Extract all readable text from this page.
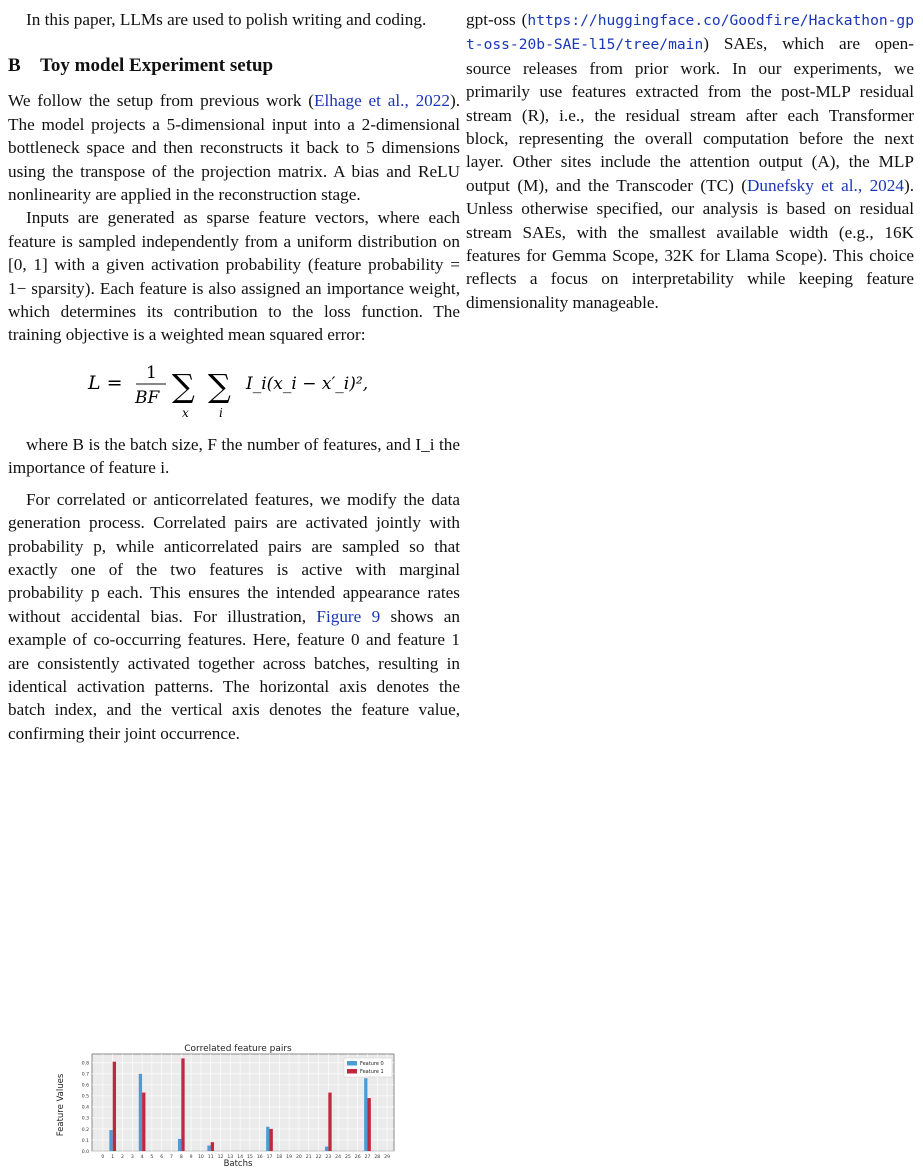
In this paper, LLMs are used to polish writing and coding.

B Toy model Experiment setup

We follow the setup from previous work (Elhage et al., 2022). The model projects a 5-dimensional input into a 2-dimensional bottleneck space and then reconstructs it back to 5 dimensions using the transpose of the projection matrix. A bias and ReLU nonlinearity are applied in the reconstruction stage.

Inputs are generated as sparse feature vectors, where each feature is sampled independently from a uniform distribution on [0, 1] with a given activation probability (feature probability = 1− sparsity). Each feature is also assigned an importance weight, which determines its contribution to the loss function. The training objective is a weighted mean squared error:

L = 1
BF ∑
x
∑
i
I_i(x_i − x′_i)²,

where B is the batch size, F the number of features, and I_i the importance of feature i.

For correlated or anticorrelated features, we modify the data generation process. Correlated pairs are activated jointly with probability p, while anticorrelated pairs are sampled so that exactly one of the two features is active with marginal probability p each. This ensures the intended appearance rates without accidental bias. For illustration, Figure 9 shows an example of co-occurring features. Here, feature 0 and feature 1 are consistently activated together across batches, resulting in identical activation patterns. The horizontal axis denotes the batch index, and the vertical axis denotes the feature value, confirming their joint occurrence.

gpt-oss (https://huggingface.co/Goodfire/Hackathon-gpt-oss-20b-SAE-l15/tree/main) SAEs, which are open-source releases from prior work. In our experiments, we primarily use features extracted from the post-MLP residual stream (R), i.e., the residual stream after each Transformer block, representing the overall computation before the next layer. Other sites include the attention output (A), the MLP output (M), and the Transcoder (TC) (Dunefsky et al., 2024). Unless otherwise specified, our analysis is based on residual stream SAEs, with the smallest available width (e.g., 16K features for Gemma Scope, 32K for Llama Scope). This choice reflects a focus on interpretability while keeping feature dimensionality manageable.

Correlated feature pairs
Batchs
Feature Values
0.0
0.1
0.2
0.3
0.4
0.5
0.6
0.7
0.8
0 1 2 3 4 5 6 7 8 9 10 11 12 13 14 15 16 17 18 19 20 21 22 23 24 25 26 27 28 29
Feature 0
Feature 1
